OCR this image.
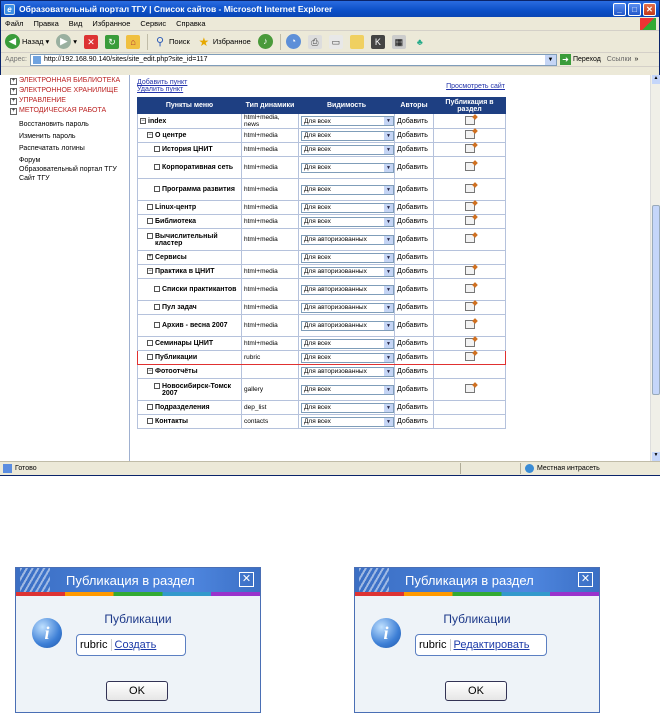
e Образовательный портал ТГУ | Список сайтов - Microsoft Internet Explorer	_	□	✕
Файл Правка Вид Избранное Сервис Справка
◀ Назад ▾	▶ ▾	✕	↻	⌂	⚲ Поиск ★ Избранное	♪	◔	⎙	▭	K	▦	♣
Адрес: http://192.168.90.140/sites/site_edit.php?site_id=117	▼	➜ Переход Ссылки »
+ ЭЛЕКТРОННАЯ БИБЛИОТЕКА
+ ЭЛЕКТРОННОЕ ХРАНИЛИЩЕ
+ УПРАВЛЕНИЕ
+ МЕТОДИЧЕСКАЯ РАБОТА
Восстановить пароль
Изменить пароль
Распечатать логины
Форум
Образовательный портал ТГУ
Сайт ТГУ
Добавить пункт
Удалить пункт	Просмотреть сайт
Пункты меню	Тип динамики	Видимость	Авторы	Публикация в раздел

− index	html+media, news	Для всех ▼	Добавить	

− О центре	html+media	Для всех ▼	Добавить	

История ЦНИТ	html+media	Для всех ▼	Добавить	

Корпоративная сеть	html+media	Для всех ▼	Добавить	

Программа развития	html+media	Для всех ▼	Добавить	

Linux-центр	html+media	Для всех ▼	Добавить	

Библиотека	html+media	Для всех ▼	Добавить	

Вычислительный кластер	html+media	Для авторизованных ▼	Добавить	

+ Сервисы		Для всех ▼	Добавить	

− Практика в ЦНИТ	html+media	Для авторизованных ▼	Добавить	

Списки практикантов	html+media	Для авторизованных ▼	Добавить	

Пул задач	html+media	Для авторизованных ▼	Добавить	

Архив - весна 2007	html+media	Для авторизованных ▼	Добавить	

Семинары ЦНИТ	html+media	Для всех ▼	Добавить	

Публикации	rubric	Для всех ▼	Добавить	

− Фотоотчёты		Для авторизованных ▼	Добавить	

Новосибирск-Томск 2007	gallery	Для всех ▼	Добавить	

Подразделения	dep_list	Для всех ▼	Добавить	

Контакты	contacts	Для всех ▼	Добавить	
▲
▼
Готово	Местная интрасеть
Публикация в раздел	✕
i
Публикации
rubric Создать
OK
Публикация в раздел	✕
i
Публикации
rubric Редактировать
OK
